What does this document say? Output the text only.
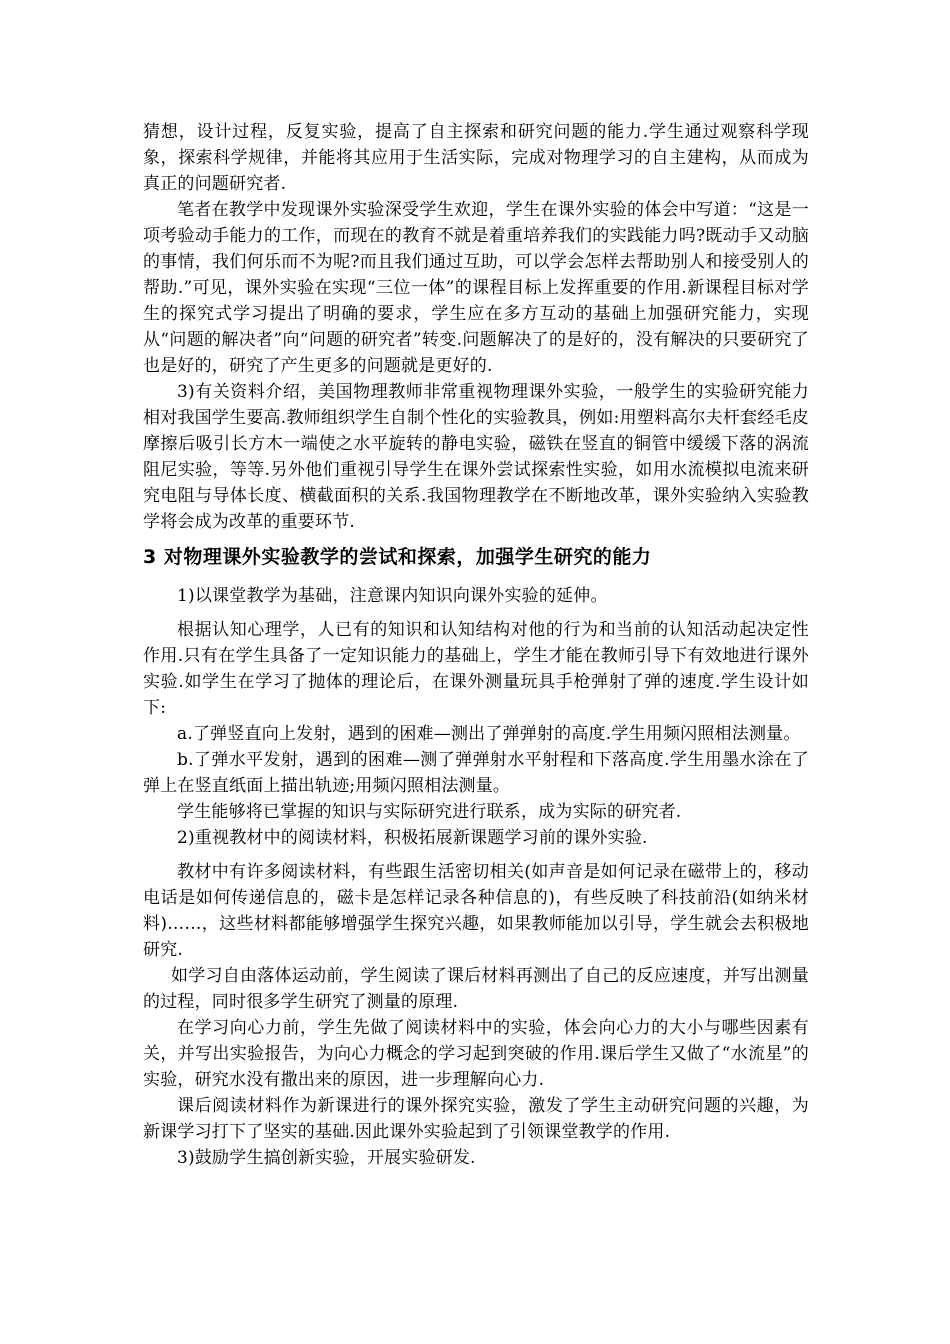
猜想，设计过程，反复实验，提高了自主探索和研究问题的能力.学生通过观察科学现象，探索科学规律，并能将其应用于生活实际，完成对物理学习的自主建构，从而成为真正的问题研究者.

笔者在教学中发现课外实验深受学生欢迎，学生在课外实验的体会中写道：“这是一项考验动手能力的工作，而现在的教育不就是着重培养我们的实践能力吗?既动手又动脑的事情，我们何乐而不为呢?而且我们通过互助，可以学会怎样去帮助别人和接受别人的帮助.”可见，课外实验在实现“三位一体”的课程目标上发挥重要的作用.新课程目标对学生的探究式学习提出了明确的要求，学生应在多方互动的基础上加强研究能力，实现从“问题的解决者”向“问题的研究者”转变.问题解决了的是好的，没有解决的只要研究了也是好的，研究了产生更多的问题就是更好的.

3)有关资料介绍，美国物理教师非常重视物理课外实验，一般学生的实验研究能力相对我国学生要高.教师组织学生自制个性化的实验教具，例如:用塑料高尔夫杆套经毛皮摩擦后吸引长方木一端使之水平旋转的静电实验，磁铁在竖直的铜管中缓缓下落的涡流阻尼实验，等等.另外他们重视引导学生在课外尝试探索性实验，如用水流模拟电流来研究电阻与导体长度、横截面积的关系.我国物理教学在不断地改革，课外实验纳入实验教学将会成为改革的重要环节.

3 对物理课外实验教学的尝试和探索，加强学生研究的能力

1)以课堂教学为基础，注意课内知识向课外实验的延伸。

根据认知心理学，人已有的知识和认知结构对他的行为和当前的认知活动起决定性作用.只有在学生具备了一定知识能力的基础上，学生才能在教师引导下有效地进行课外实验.如学生在学习了抛体的理论后，在课外测量玩具手枪弹射了弹的速度.学生设计如下:

a.了弹竖直向上发射，遇到的困难—测出了弹弹射的高度.学生用频闪照相法测量。

b.了弹水平发射，遇到的困难—测了弹弹射水平射程和下落高度.学生用墨水涂在了弹上在竖直纸面上描出轨迹;用频闪照相法测量。

学生能够将已掌握的知识与实际研究进行联系，成为实际的研究者.

2)重视教材中的阅读材料，积极拓展新课题学习前的课外实验.

教材中有许多阅读材料，有些跟生活密切相关(如声音是如何记录在磁带上的，移动电话是如何传递信息的，磁卡是怎样记录各种信息的)，有些反映了科技前沿(如纳米材料)……，这些材料都能够增强学生探究兴趣，如果教师能加以引导，学生就会去积极地研究.

如学习自由落体运动前，学生阅读了课后材料再测出了自己的反应速度，并写出测量的过程，同时很多学生研究了测量的原理.

在学习向心力前，学生先做了阅读材料中的实验，体会向心力的大小与哪些因素有关，并写出实验报告，为向心力概念的学习起到突破的作用.课后学生又做了“水流星”的实验，研究水没有撒出来的原因，进一步理解向心力.

课后阅读材料作为新课进行的课外探究实验，激发了学生主动研究问题的兴趣，为新课学习打下了坚实的基础.因此课外实验起到了引领课堂教学的作用.

3)鼓励学生搞创新实验，开展实验研发.
